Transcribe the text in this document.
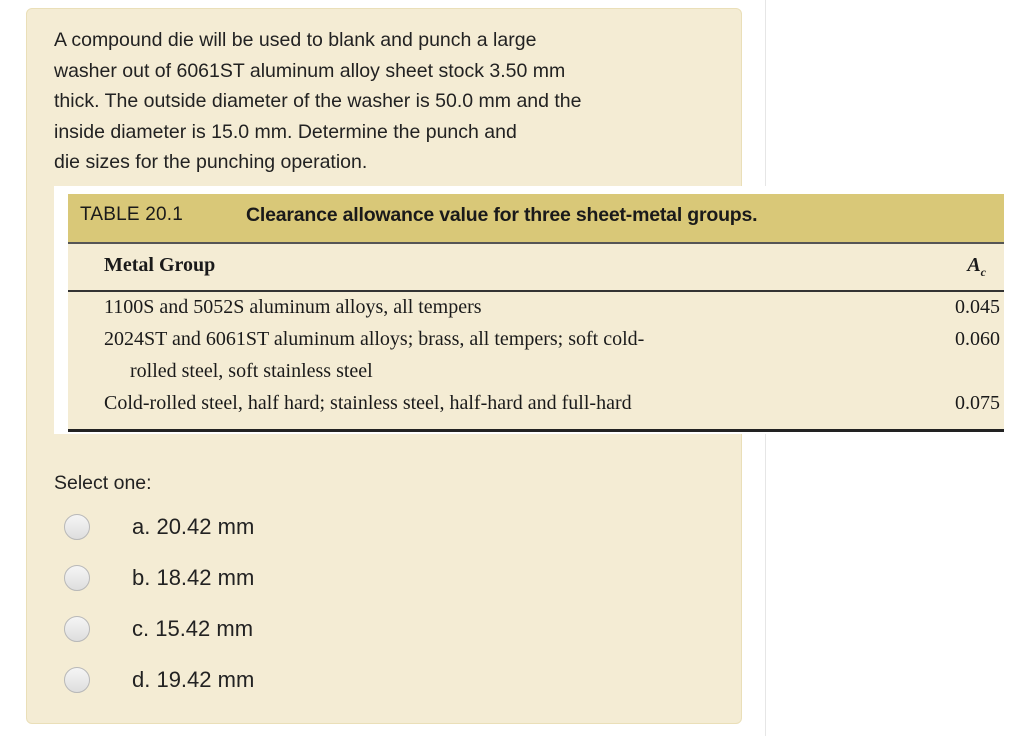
A compound die will be used to blank and punch a large
washer out of 6061ST aluminum alloy sheet stock 3.50 mm
thick. The outside diameter of the washer is 50.0 mm and the
inside diameter is 15.0 mm. Determine the punch and
die sizes for the punching operation.
TABLE 20.1	Clearance allowance value for three sheet-metal groups.
Metal Group	$A_c$
1100S and 5052S aluminum alloys, all tempers	0.045
2024ST and 6061ST aluminum alloys; brass, all tempers; soft cold-	0.060
rolled steel, soft stainless steel
Cold-rolled steel, half hard; stainless steel, half-hard and full-hard	0.075
Select one:
a. 20.42 mm
b. 18.42 mm
c. 15.42 mm
d. 19.42 mm
